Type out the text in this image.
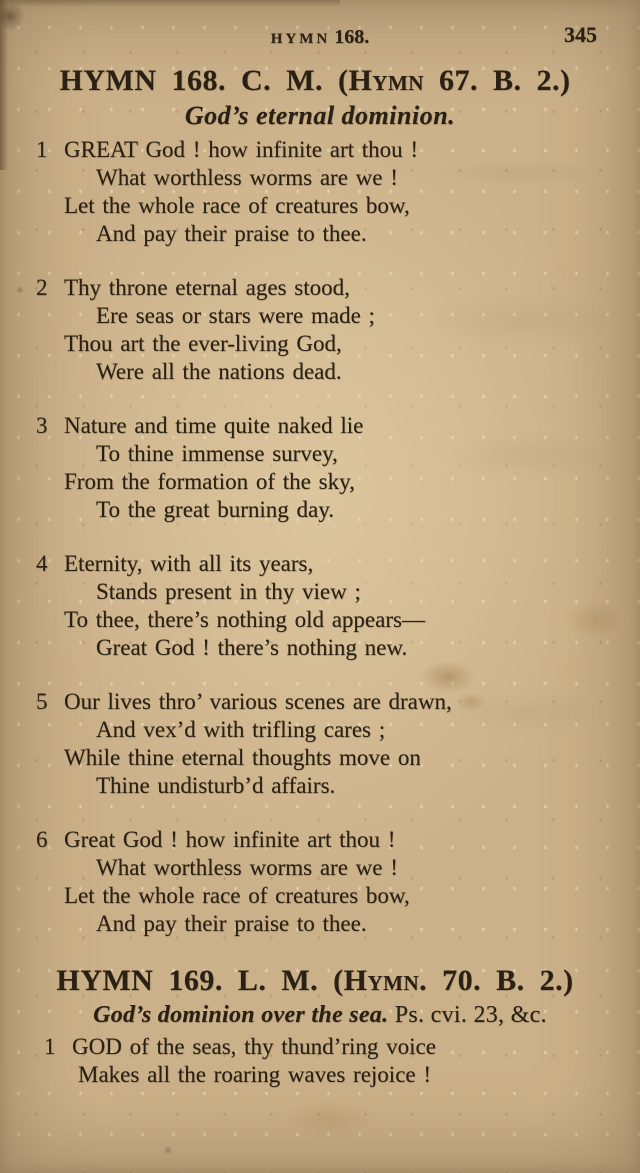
HYMN 168.	345
HYMN 168. C. M. (Hymn 67. B. 2.)
God’s eternal dominion.
1 GREAT God ! how infinite art thou !
What worthless worms are we !
Let the whole race of creatures bow,
And pay their praise to thee.
2 Thy throne eternal ages stood,
Ere seas or stars were made ;
Thou art the ever-living God,
Were all the nations dead.
3 Nature and time quite naked lie
To thine immense survey,
From the formation of the sky,
To the great burning day.
4 Eternity, with all its years,
Stands present in thy view ;
To thee, there’s nothing old appears—
Great God ! there’s nothing new.
5 Our lives thro’ various scenes are drawn,
And vex’d with trifling cares ;
While thine eternal thoughts move on
Thine undisturb’d affairs.
6 Great God ! how infinite art thou !
What worthless worms are we !
Let the whole race of creatures bow,
And pay their praise to thee.
HYMN 169. L. M. (Hymn. 70. B. 2.)
God’s dominion over the sea. Ps. cvi. 23, &c.
1 GOD of the seas, thy thund’ring voice
Makes all the roaring waves rejoice !
